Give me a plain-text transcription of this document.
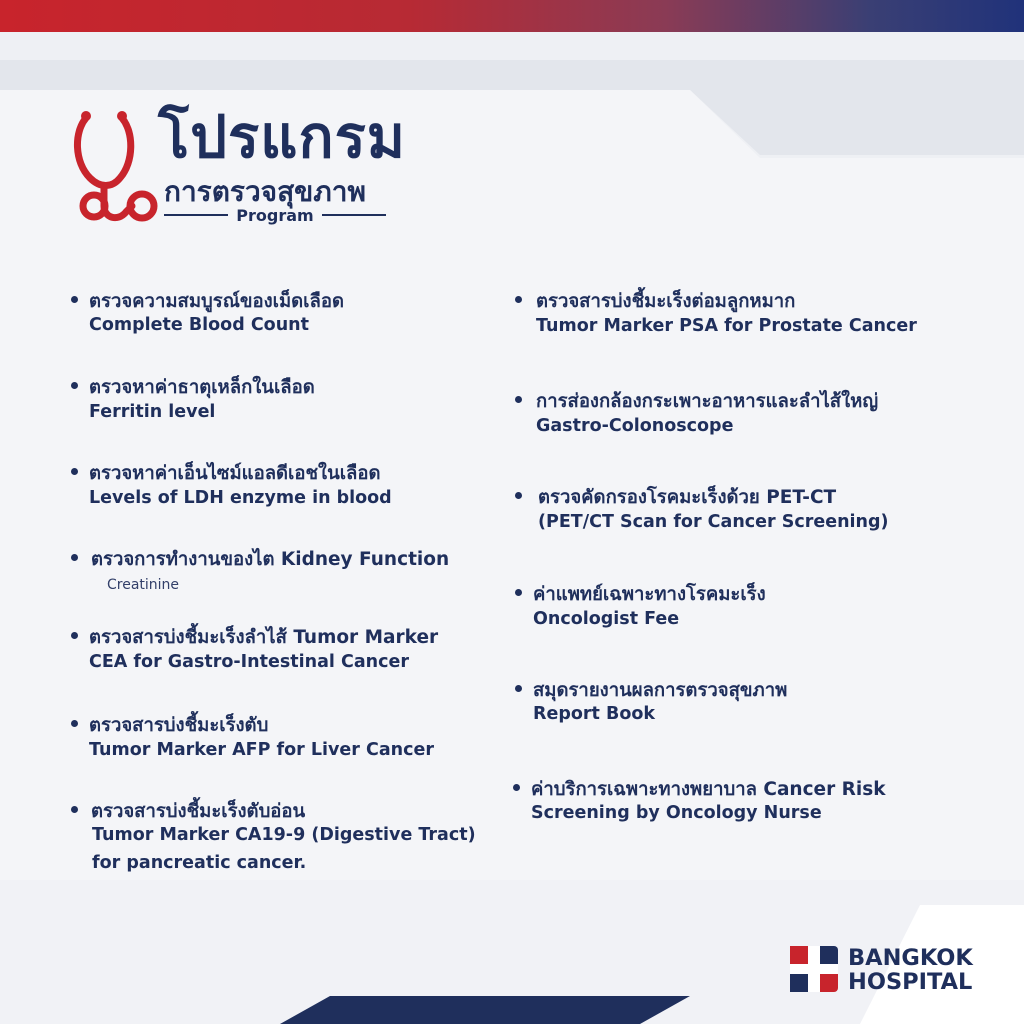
โปรแกรม
การตรวจสุขภาพ
Program
ตรวจความสมบูรณ์ของเม็ดเลือด
Complete Blood Count
ตรวจหาค่าธาตุเหล็กในเลือด
Ferritin level
ตรวจหาค่าเอ็นไซม์แอลดีเอชในเลือด
Levels of LDH enzyme in blood
ตรวจการทำงานของไต Kidney Function
Creatinine
ตรวจสารบ่งชี้มะเร็งลำไส้ Tumor Marker
CEA for Gastro-Intestinal Cancer
ตรวจสารบ่งชี้มะเร็งตับ
Tumor Marker AFP for Liver Cancer
ตรวจสารบ่งชี้มะเร็งตับอ่อน
Tumor Marker CA19-9 (Digestive Tract)
for pancreatic cancer.
ตรวจสารบ่งชี้มะเร็งต่อมลูกหมาก
Tumor Marker PSA for Prostate Cancer
การส่องกล้องกระเพาะอาหารและลำไส้ใหญ่
Gastro-Colonoscope
ตรวจคัดกรองโรคมะเร็งด้วย PET-CT
(PET/CT Scan for Cancer Screening)
ค่าแพทย์เฉพาะทางโรคมะเร็ง
Oncologist Fee
สมุดรายงานผลการตรวจสุขภาพ
Report Book
ค่าบริการเฉพาะทางพยาบาล Cancer Risk
Screening by Oncology Nurse
BANGKOK
HOSPITAL
